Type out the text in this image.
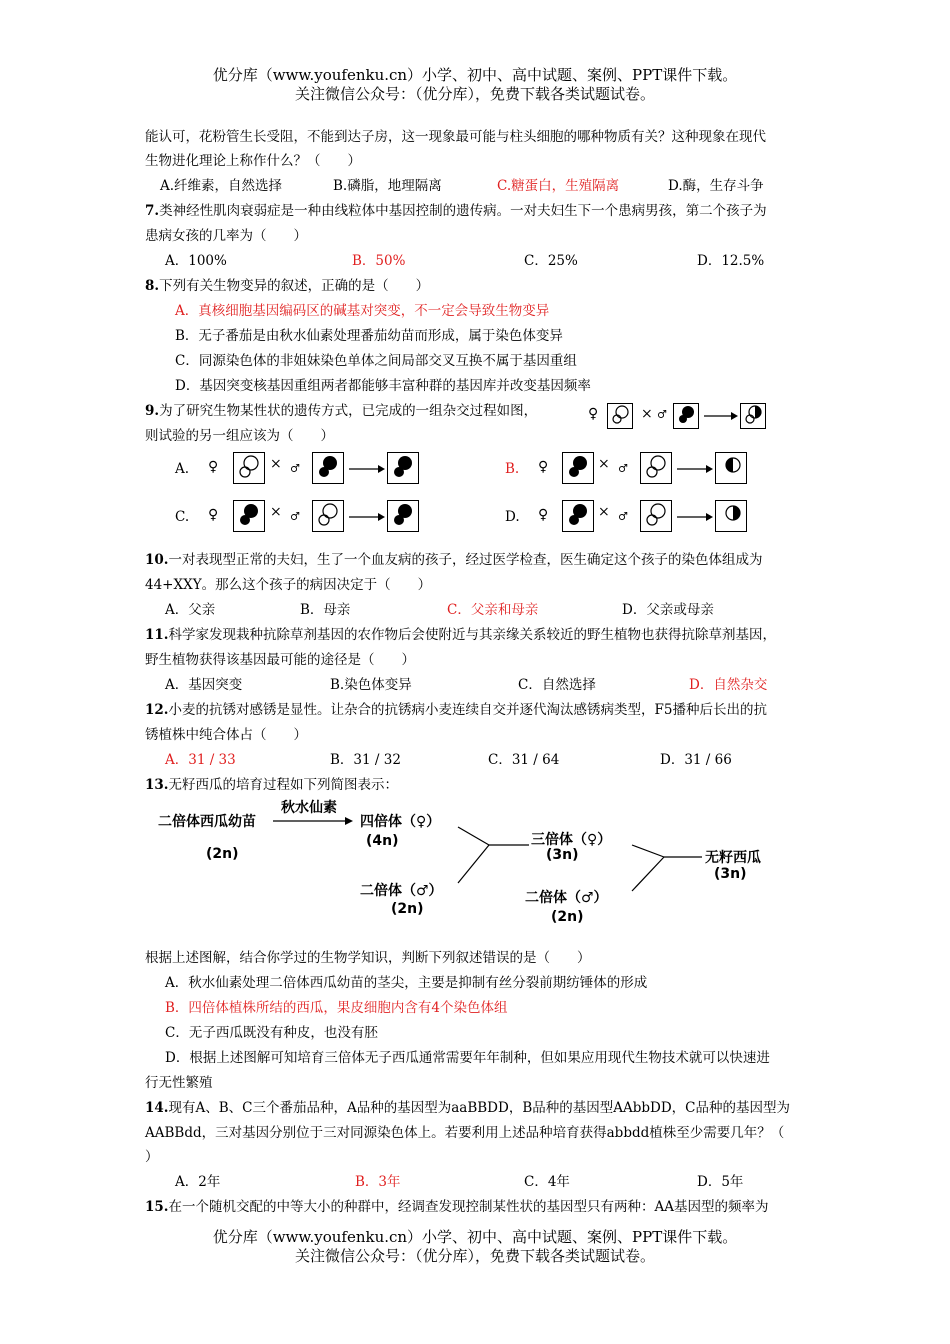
优分库（www.youfenku.cn）小学、初中、高中试题、案例、PPT课件下载。
关注微信公众号：（优分库），免费下载各类试题试卷。
能认可，花粉管生长受阻，不能到达子房，这一现象最可能与柱头细胞的哪种物质有关？这种现象在现代
生物进化理论上称作什么？（　　）
A.纤维素，自然选择	B.磷脂，地理隔离	C.糖蛋白，生殖隔离	D.酶，生存斗争
7.类神经性肌肉衰弱症是一种由线粒体中基因控制的遗传病。一对夫妇生下一个患病男孩，第二个孩子为
患病女孩的几率为（　　）
A．100%	B．50%	C．25%	D．12.5%
8.下列有关生物变异的叙述，正确的是（　　）
A．真核细胞基因编码区的碱基对突变，不一定会导致生物变异
B．无子番茄是由秋水仙素处理番茄幼苗而形成，属于染色体变异
C．同源染色体的非姐妹染色单体之间局部交叉互换不属于基因重组
D．基因突变核基因重组两者都能够丰富种群的基因库并改变基因频率
9.为了研究生物某性状的遗传方式，已完成的一组杂交过程如图，
则试验的另一组应该为（　　）
♀	× ♂
A. ♀	× ♂	B. ♀	× ♂
C. ♀	× ♂	D. ♀	× ♂
10.一对表现型正常的夫妇，生了一个血友病的孩子，经过医学检查，医生确定这个孩子的染色体组成为
44+XXY。那么这个孩子的病因决定于（　　）
A．父亲	B．母亲	C．父亲和母亲	D．父亲或母亲
11.科学家发现栽种抗除草剂基因的农作物后会使附近与其亲缘关系较近的野生植物也获得抗除草剂基因，
野生植物获得该基因最可能的途径是（　　）
A．基因突变	B.染色体变异	C．自然选择	D．自然杂交
12.小麦的抗锈对感锈是显性。让杂合的抗锈病小麦连续自交并逐代淘汰感锈病类型，F5播种后长出的抗
锈植株中纯合体占（　　）
A．31 / 33	B．31 / 32	C．31 / 64	D．31 / 66
13.无籽西瓜的培育过程如下列简图表示：
二倍体西瓜幼苗
(2n)
秋水仙素
四倍体（♀）
(4n)
二倍体（♂）
(2n)
三倍体（♀）
(3n)
二倍体（♂）
(2n)
无籽西瓜
(3n)
根据上述图解，结合你学过的生物学知识，判断下列叙述错误的是（　　）
A．秋水仙素处理二倍体西瓜幼苗的茎尖，主要是抑制有丝分裂前期纺锤体的形成
B．四倍体植株所结的西瓜，果皮细胞内含有4个染色体组
C．无子西瓜既没有种皮，也没有胚
D．根据上述图解可知培育三倍体无子西瓜通常需要年年制种，但如果应用现代生物技术就可以快速进
行无性繁殖
14.现有A、B、C三个番茄品种，A品种的基因型为aaBBDD，B品种的基因型AAbbDD，C品种的基因型为
AABBdd，三对基因分别位于三对同源染色体上。若要利用上述品种培育获得abbdd植株至少需要几年？（
）
A．2年	B．3年	C．4年	D．5年
15.在一个随机交配的中等大小的种群中，经调查发现控制某性状的基因型只有两种：AA基因型的频率为
优分库（www.youfenku.cn）小学、初中、高中试题、案例、PPT课件下载。
关注微信公众号：（优分库），免费下载各类试题试卷。
